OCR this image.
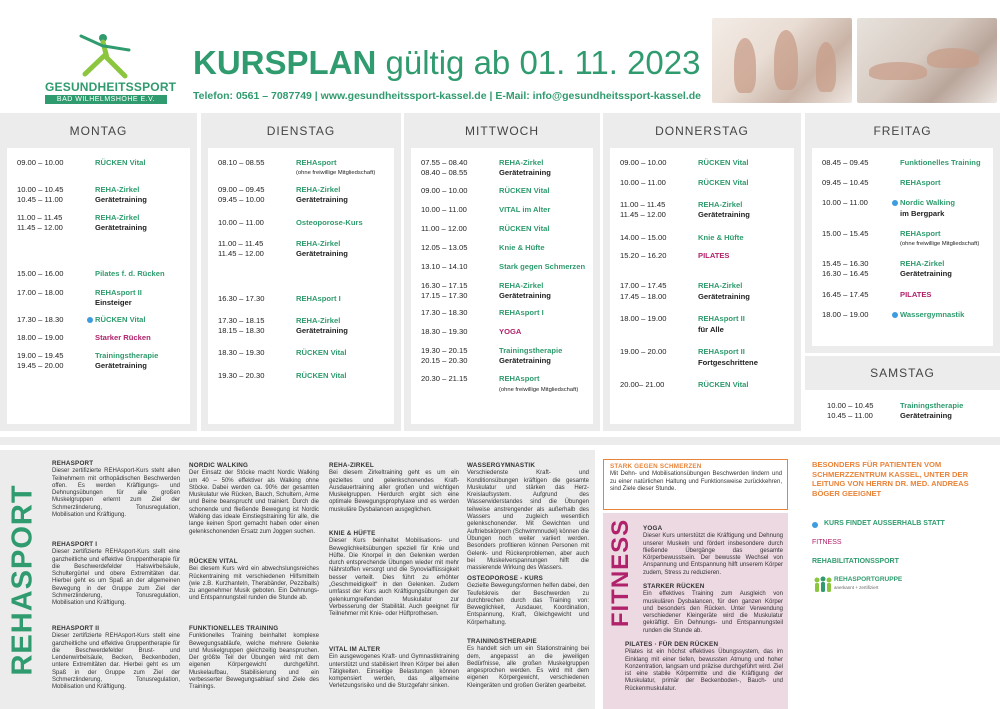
GESUNDHEITSSPORT
BAD WILHELMSHÖHE E.V.
KURSPLAN gültig ab 01. 11. 2023
Telefon: 0561 – 7087749 | www.gesundheitssport-kassel.de | E-Mail: info@gesundheitssport-kassel.de
MONTAG
09.00 – 10.00	RÜCKEN Vital
10.00 – 10.45	REHA-Zirkel
10.45 – 11.00	Gerätetraining
11.00 – 11.45	REHA-Zirkel
11.45 – 12.00	Gerätetraining
15.00 – 16.00	Pilates f. d. Rücken
17.00 – 18.00	REHAsport II
Einsteiger
17.30 – 18.30	RÜCKEN Vital
18.00 – 19.00	Starker Rücken
19.00 – 19.45	Trainingstherapie
19.45 – 20.00	Gerätetraining
DIENSTAG
08.10 – 08.55	REHAsport
(ohne freiwillige Mitgliedschaft)
09.00 – 09.45	REHA-Zirkel
09.45 – 10.00	Gerätetraining
10.00 – 11.00	Osteoporose-Kurs
11.00 – 11.45	REHA-Zirkel
11.45 – 12.00	Gerätetraining
16.30 – 17.30	REHAsport I
17.30 – 18.15	REHA-Zirkel
18.15 – 18.30	Gerätetraining
18.30 – 19.30	RÜCKEN Vital
19.30 – 20.30	RÜCKEN Vital
MITTWOCH
07.55 – 08.40	REHA-Zirkel
08.40 – 08.55	Gerätetraining
09.00 – 10.00	RÜCKEN Vital
10.00 – 11.00	VITAL im Alter
11.00 – 12.00	RÜCKEN Vital
12.05 – 13.05	Knie & Hüfte
13.10 – 14.10	Stark gegen Schmerzen
16.30 – 17.15	REHA-Zirkel
17.15 – 17.30	Gerätetraining
17.30 – 18.30	REHAsport I
18.30 – 19.30	YOGA
19.30 – 20.15	Trainingstherapie
20.15 – 20.30	Gerätetraining
20.30 – 21.15	REHAsport
(ohne freiwillige Mitgliedschaft)
DONNERSTAG
09.00 – 10.00	RÜCKEN Vital
10.00 – 11.00	RÜCKEN Vital
11.00 – 11.45	REHA-Zirkel
11.45 – 12.00	Gerätetraining
14.00 – 15.00	Knie & Hüfte
15.20 – 16.20	PILATES
17.00 – 17.45	REHA-Zirkel
17.45 – 18.00	Gerätetraining
18.00 – 19.00	REHAsport II
für Alle
19.00 – 20.00	REHAsport II
Fortgeschrittene
20.00– 21.00	RÜCKEN Vital
FREITAG
08.45 – 09.45	Funktionelles Training
09.45 – 10.45	REHAsport
10.00 – 11.00	Nordic Walking
im Bergpark
15.00 – 15.45	REHAsport
(ohne freiwillige Mitgliedschaft)
15.45 – 16.30	REHA-Zirkel
16.30 – 16.45	Gerätetraining
16.45 – 17.45	PILATES
18.00 – 19.00	Wassergymnastik
SAMSTAG
10.00 – 10.45	Trainingstherapie
10.45 – 11.00	Gerätetraining
REHASPORT
REHASPORT

Dieser zertifizierte REHAsport-Kurs steht allen Teilnehmern mit orthopädischen Beschwerden offen. Es werden Kräftigungs- und Dehnungsübungen für alle großen Muskelgruppen erlernt zum Ziel der Schmerzlinderung, Tonusregulation, Mobilisation und Kräftigung.

REHASPORT I

Dieser zertifizierte REHAsport-Kurs stellt eine ganzheitliche und effektive Gruppentherapie für die Beschwerdefelder Halswirbelsäule, Schultergürtel und obere Extremitäten dar. Hierbei geht es um Spaß an der allgemeinen Bewegung in der Gruppe zum Ziel der Schmerzlinderung, Tonusregulation, Mobilisation und Kräftigung.

REHASPORT II

Dieser zertifizierte REHAsport-Kurs stellt eine ganzheitliche und effektive Gruppentherapie für die Beschwerdefelder Brust- und Lendenwirbelsäule, Becken, Beckenboden, untere Extremitäten dar. Hierbei geht es um Spaß in der Gruppe zum Ziel der Schmerzlinderung, Tonusregulation, Mobilisation und Kräftigung.

NORDIC WALKING

Der Einsatz der Stöcke macht Nordic Walking um 40 – 50% effektiver als Walking ohne Stöcke. Dabei werden ca. 90% der gesamten Muskulatur wie Rücken, Bauch, Schultern, Arme und Beine beansprucht und trainiert. Durch die schonende und fließende Bewegung ist Nordic Walking das ideale Einstiegstraining für alle, die lange keinen Sport gemacht haben oder einen gelenkschonenden Ersatz zum Joggen suchen.

RÜCKEN VITAL

Bei diesem Kurs wird ein abwechslungsreiches Rückentraining mit verschiedenen Hilfsmitteln (wie z.B. Kurzhanteln, Therabänder, Pezziballs) zu angenehmer Musik geboten. Ein Dehnungs- und Entspannungsteil runden die Stunde ab.

FUNKTIONELLES TRAINING

Funktionelles Training beinhaltet komplexe Bewegungsabläufe, welche mehrere Gelenke und Muskelgruppen gleichzeitig beanspruchen. Der größte Teil der Übungen wird mit dem eigenen Körpergewicht durchgeführt. Muskelaufbau, Stabilisierung und ein verbesserter Bewegungsablauf sind Ziele des Trainings.

REHA-ZIRKEL

Bei diesem Zirkeltraining geht es um ein gezieltes und gelenkschonendes Kraft-Ausdauertraining aller großen und wichtigen Muskelgruppen. Hierdurch ergibt sich eine optimale Bewegungsprophylaxe und es werden muskuläre Dysbalancen ausgeglichen.

KNIE & HÜFTE

Dieser Kurs beinhaltet Mobilisations- und Beweglichkeitsübungen speziell für Knie und Hüfte. Die Knorpel in den Gelenken werden durch entsprechende Übungen wieder mit mehr Nährstoffen versorgt und die Synovialflüssigkeit besser verteilt. Dies führt zu erhöhter „Geschmeidigkeit“ in den Gelenken. Zudem umfasst der Kurs auch Kräftigungsübungen der gelenkumgreifenden Muskulatur zur Verbesserung der Stabilität. Auch geeignet für Teilnehmer mit Knie- oder Hüftprothesen.

VITAL IM ALTER

Ein ausgewogenes Kraft- und Gymnastiktraining unterstützt und stabilisiert Ihren Körper bei allen Tätigkeiten. Einseitige Belastungen können kompensiert werden, das allgemeine Verletzungsrisiko und die Sturzgefahr sinken.

WASSERGYMNASTIK

Verschiedenste Kraft- und Konditionsübungen kräftigen die gesamte Muskulatur und stärken das Herz-Kreislaufsystem. Aufgrund des Wasserwiderstandes sind die Übungen teilweise anstrengender als außerhalb des Wassers und zugleich wesentlich gelenkschonender. Mit Gewichten und Auftriebskörpern (Schwimmnudel) können die Übungen noch weiter variiert werden. Besonders profitieren können Personen mit Gelenk- und Rückenproblemen, aber auch bei Muskelverspannungen hilft die massierende Wirkung des Wassers.

OSTEOPOROSE - KURS

Gezielte Bewegungsformen helfen dabei, den Teufelskreis der Beschwerden zu durchbrechen durch das Training von: Beweglichkeit, Ausdauer, Koordination, Entspannung, Kraft, Gleichgewicht und Körperhaltung.

TRAININGSTHERAPIE

Es handelt sich um ein Stationstraining bei dem, angepasst an die jeweiligen Bedürfnisse, alle großen Muskelgruppen angesprochen werden. Es wird mit dem eigenen Körpergewicht, verschiedenen Kleingeräten und großen Geräten gearbeitet.

STARK GEGEN SCHMERZEN

Mit Dehn- und Mobilisationsübungen Beschwerden lindern und zu einer natürlichen Haltung und Funktionsweise zurückkehren, sind Ziele dieser Stunde.

FITNESS YOGA

Dieser Kurs unterstützt die Kräftigung und Dehnung unserer Muskeln und fördert insbesondere durch fließende Übergänge das gesamte Körperbewusstsein. Der bewusste Wechsel von Anspannung und Entspannung hilft unserem Körper zudem, Stress zu reduzieren.

STARKER RÜCKEN

Ein effektives Training zum Ausgleich von muskulären Dysbalancen, für den ganzen Körper und besonders den Rücken. Unter Verwendung verschiedener Kleingeräte wird die Muskulatur gekräftigt. Ein Dehnungs- und Entspannungsteil runden die Stunde ab.

PILATES · FÜR DEN RÜCKEN

Pilates ist ein höchst effektives Übungssystem, das im Einklang mit einer tiefen, bewussten Atmung und hoher Konzentration, langsam und präzise durchgeführt wird. Ziel ist eine stabile Körpermitte und die Kräftigung der Muskulatur, primär der Beckenboden-, Bauch- und Rückenmuskulatur.

BESONDERS FÜR PATIENTEN VOM SCHMERZZENTRUM KASSEL, UNTER DER LEITUNG VON HERRN DR. MED. ANDREAS BÖGER GEEIGNET
KURS FINDET AUSSERHALB STATT
FITNESS
REHABILITATIONSSPORT
REHASPORTGRUPPE
anerkannt + zertifiziert
